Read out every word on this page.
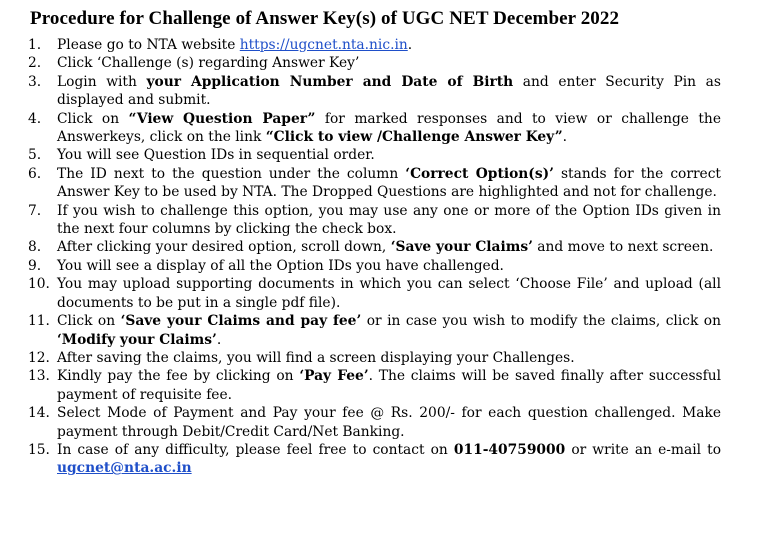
Procedure for Challenge of Answer Key(s) of UGC NET December 2022
1. Please go to NTA website https://ugcnet.nta.nic.in.
2. Click ‘Challenge (s) regarding Answer Key’
3. Login with your Application Number and Date of Birth and enter Security Pin as displayed and submit.
4. Click on “View Question Paper” for marked responses and to view or challenge the Answerkeys, click on the link “Click to view /Challenge Answer Key”.
5. You will see Question IDs in sequential order.
6. The ID next to the question under the column ‘Correct Option(s)’ stands for the correct Answer Key to be used by NTA. The Dropped Questions are highlighted and not for challenge.
7. If you wish to challenge this option, you may use any one or more of the Option IDs given in the next four columns by clicking the check box.
8. After clicking your desired option, scroll down, ‘Save your Claims’ and move to next screen.
9. You will see a display of all the Option IDs you have challenged.
10. You may upload supporting documents in which you can select ‘Choose File’ and upload (all documents to be put in a single pdf file).
11. Click on ‘Save your Claims and pay fee’ or in case you wish to modify the claims, click on ‘Modify your Claims’.
12. After saving the claims, you will find a screen displaying your Challenges.
13. Kindly pay the fee by clicking on ‘Pay Fee’. The claims will be saved finally after successful payment of requisite fee.
14. Select Mode of Payment and Pay your fee @ Rs. 200/- for each question challenged. Make payment through Debit/Credit Card/Net Banking.
15. In case of any difficulty, please feel free to contact on 011-40759000 or write an e-mail to ugcnet@nta.ac.in
